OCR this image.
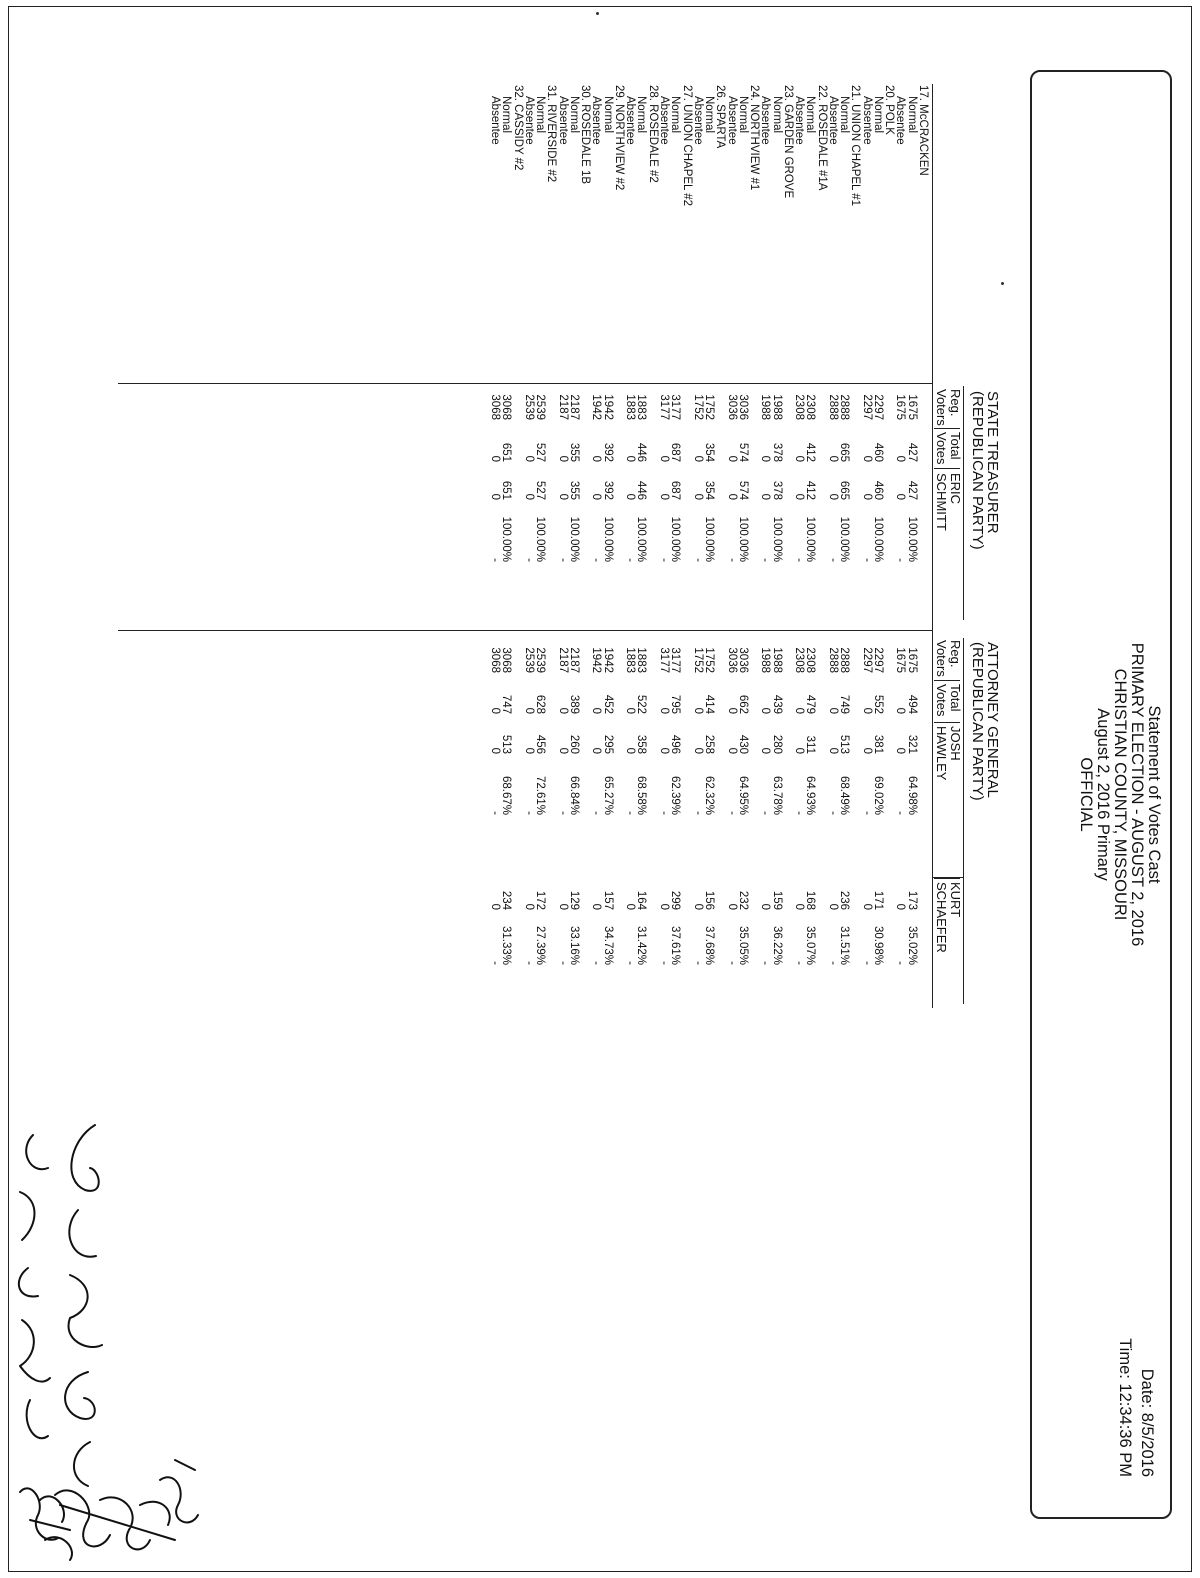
Statement of Votes Cast
PRIMARY ELECTION - AUGUST 2, 2016
CHRISTIAN COUNTY, MISSOURI
August 2, 2016 Primary
OFFICIAL
Date: 8/5/2016
Time: 12:34:36 PM
STATE TREASURER
(REPUBLICAN PARTY)
Reg.
Voters
Total
Votes
ERIC
SCHMITT
ATTORNEY GENERAL
(REPUBLICAN PARTY)
Reg.
Voters
Total
Votes
JOSH
HAWLEY
KURT
SCHAEFER
17. McCRACKEN
Normal
1675
427
427
100.00%
1675
494
321
64.98%
173
35.02%
Absentee
1675
0
0
-
1675
0
0
-
0
-
20. POLK
Normal
2297
460
460
100.00%
2297
552
381
69.02%
171
30.98%
Absentee
2297
0
0
-
2297
0
0
-
0
-
21. UNION CHAPEL #1
Normal
2888
665
665
100.00%
2888
749
513
68.49%
236
31.51%
Absentee
2888
0
0
-
2888
0
0
-
0
-
22. ROSEDALE #1A
Normal
2308
412
412
100.00%
2308
479
311
64.93%
168
35.07%
Absentee
2308
0
0
-
2308
0
0
-
0
-
23. GARDEN GROVE
Normal
1988
378
378
100.00%
1988
439
280
63.78%
159
36.22%
Absentee
1988
0
0
-
1988
0
0
-
0
-
24. NORTHVIEW #1
Normal
3036
574
574
100.00%
3036
662
430
64.95%
232
35.05%
Absentee
3036
0
0
-
3036
0
0
-
0
-
26. SPARTA
Normal
1752
354
354
100.00%
1752
414
258
62.32%
156
37.68%
Absentee
1752
0
0
-
1752
0
0
-
0
-
27. UNION CHAPEL #2
Normal
3177
687
687
100.00%
3177
795
496
62.39%
299
37.61%
Absentee
3177
0
0
-
3177
0
0
-
0
-
28. ROSEDALE #2
Normal
1883
446
446
100.00%
1883
522
358
68.58%
164
31.42%
Absentee
1883
0
0
-
1883
0
0
-
0
-
29. NORTHVIEW #2
Normal
1942
392
392
100.00%
1942
452
295
65.27%
157
34.73%
Absentee
1942
0
0
-
1942
0
0
-
0
-
30. ROSEDALE 1B
Normal
2187
355
355
100.00%
2187
389
260
66.84%
129
33.16%
Absentee
2187
0
0
-
2187
0
0
-
0
-
31. RIVERSIDE #2
Normal
2539
527
527
100.00%
2539
628
456
72.61%
172
27.39%
Absentee
2539
0
0
-
2539
0
0
-
0
-
32. CASSIDY #2
Normal
3068
651
651
100.00%
3068
747
513
68.67%
234
31.33%
Absentee
3068
0
0
-
3068
0
0
-
0
-
